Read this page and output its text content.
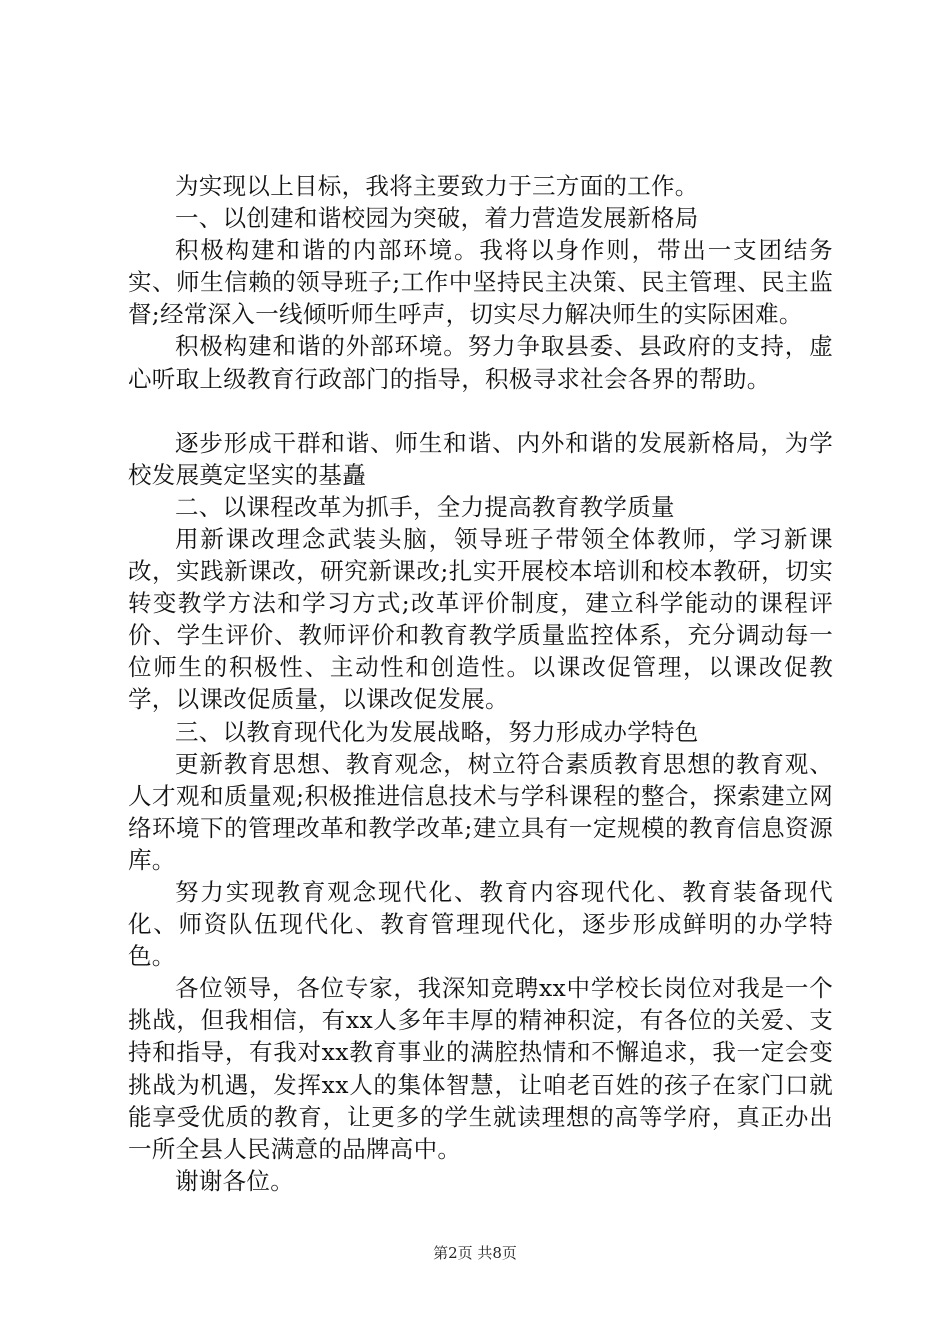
为实现以上目标，我将主要致力于三方面的工作。

一、以创建和谐校园为突破，着力营造发展新格局

积极构建和谐的内部环境。我将以身作则，带出一支团结务实、师生信赖的领导班子;工作中坚持民主决策、民主管理、民主监督;经常深入一线倾听师生呼声，切实尽力解决师生的实际困难。

积极构建和谐的外部环境。努力争取县委、县政府的支持，虚心听取上级教育行政部门的指导，积极寻求社会各界的帮助。

逐步形成干群和谐、师生和谐、内外和谐的发展新格局，为学校发展奠定坚实的基矗

二、以课程改革为抓手，全力提高教育教学质量

用新课改理念武装头脑，领导班子带领全体教师，学习新课改，实践新课改，研究新课改;扎实开展校本培训和校本教研，切实转变教学方法和学习方式;改革评价制度，建立科学能动的课程评价、学生评价、教师评价和教育教学质量监控体系，充分调动每一位师生的积极性、主动性和创造性。以课改促管理，以课改促教学，以课改促质量，以课改促发展。

三、以教育现代化为发展战略，努力形成办学特色

更新教育思想、教育观念，树立符合素质教育思想的教育观、人才观和质量观;积极推进信息技术与学科课程的整合，探索建立网络环境下的管理改革和教学改革;建立具有一定规模的教育信息资源库。

努力实现教育观念现代化、教育内容现代化、教育装备现代化、师资队伍现代化、教育管理现代化，逐步形成鲜明的办学特色。

各位领导，各位专家，我深知竞聘xx中学校长岗位对我是一个挑战，但我相信，有xx人多年丰厚的精神积淀，有各位的关爱、支持和指导，有我对xx教育事业的满腔热情和不懈追求，我一定会变挑战为机遇，发挥xx人的集体智慧，让咱老百姓的孩子在家门口就能享受优质的教育，让更多的学生就读理想的高等学府，真正办出一所全县人民满意的品牌高中。

谢谢各位。

第2页 共8页
